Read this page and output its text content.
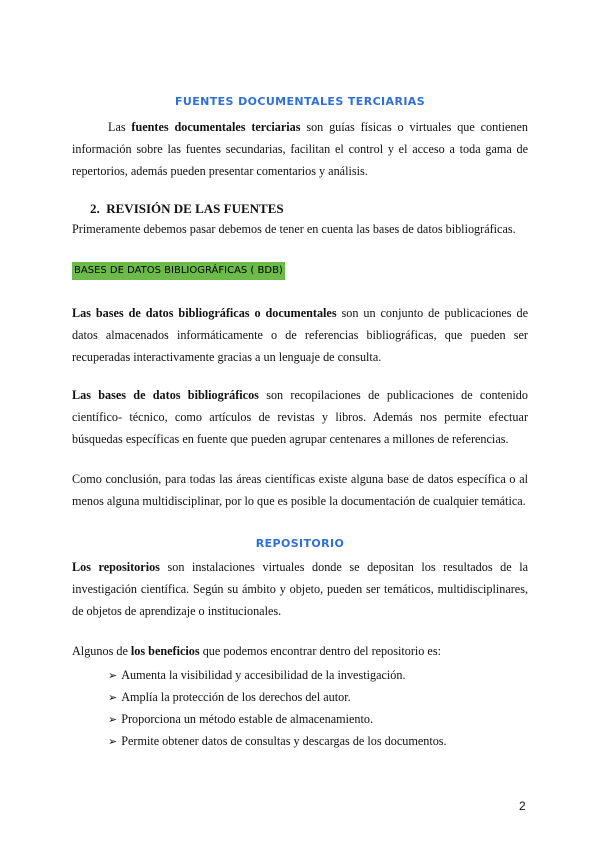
FUENTES DOCUMENTALES TERCIARIAS

Las fuentes documentales terciarias son guías físicas o virtuales que contienen información sobre las fuentes secundarias, facilitan el control y el acceso a toda gama de repertorios, además pueden presentar comentarios y análisis.

2. REVISIÓN DE LAS FUENTES

Primeramente debemos pasar debemos de tener en cuenta las bases de datos bibliográficas.

BASES DE DATOS BIBLIOGRÁFICAS ( BDB)

Las bases de datos bibliográficas o documentales son un conjunto de publicaciones de datos almacenados informáticamente o de referencias bibliográficas, que pueden ser recuperadas interactivamente gracias a un lenguaje de consulta.

Las bases de datos bibliográficos son recopilaciones de publicaciones de contenido científico- técnico, como artículos de revistas y libros. Además nos permite efectuar búsquedas específicas en fuente que pueden agrupar centenares a millones de referencias.

Como conclusión, para todas las áreas científicas existe alguna base de datos específica o al menos alguna multidisciplinar, por lo que es posible la documentación de cualquier temática.

REPOSITORIO

Los repositorios son instalaciones virtuales donde se depositan los resultados de la investigación científica. Según su ámbito y objeto, pueden ser temáticos, multidisciplinares, de objetos de aprendizaje o institucionales.

Algunos de los beneficios que podemos encontrar dentro del repositorio es:

➢ Aumenta la visibilidad y accesibilidad de la investigación.
➢ Amplía la protección de los derechos del autor.
➢ Proporciona un método estable de almacenamiento.
➢ Permite obtener datos de consultas y descargas de los documentos.
2
